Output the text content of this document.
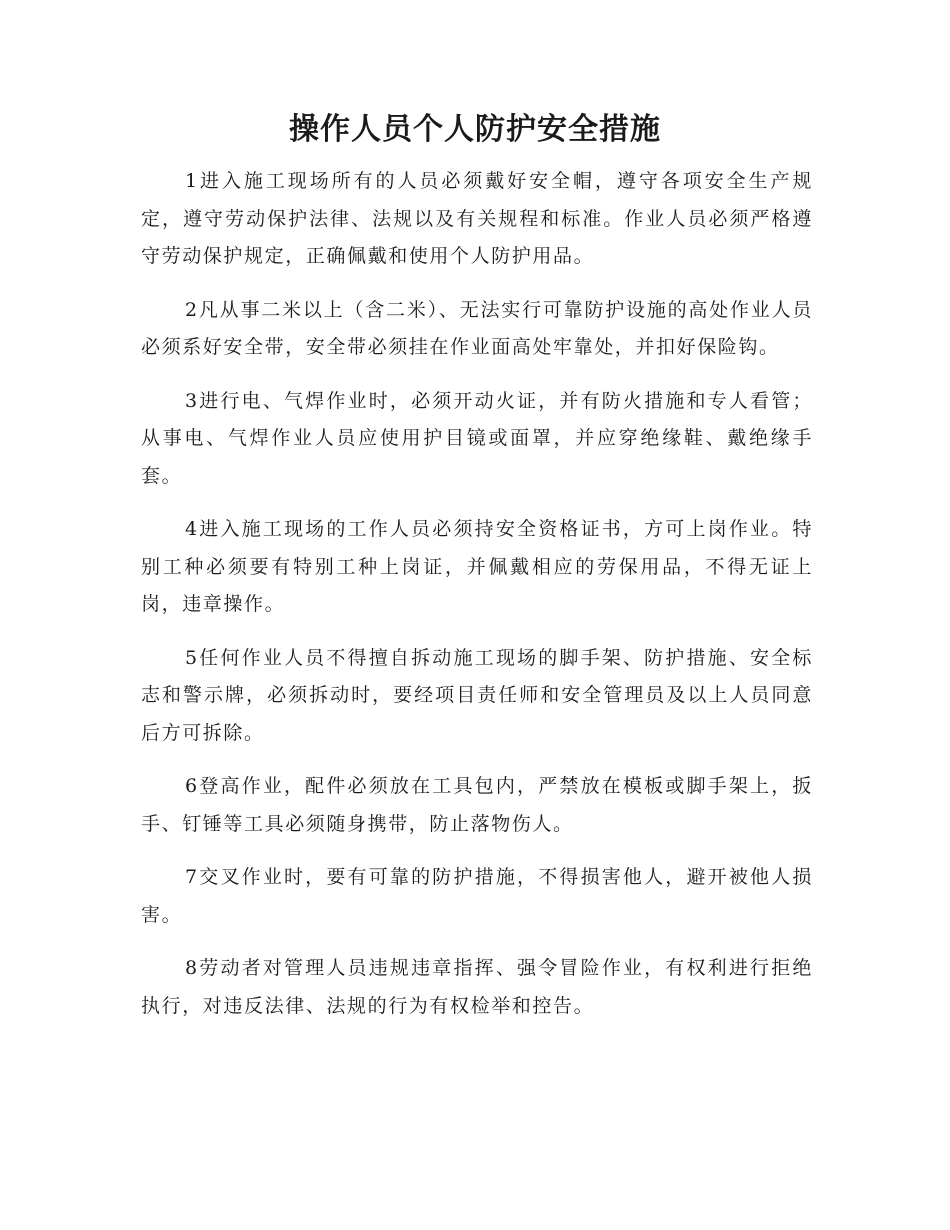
操作人员个人防护安全措施

1进入施工现场所有的人员必须戴好安全帽，遵守各项安全生产规定，遵守劳动保护法律、法规以及有关规程和标准。作业人员必须严格遵守劳动保护规定，正确佩戴和使用个人防护用品。

2凡从事二米以上（含二米）、无法实行可靠防护设施的高处作业人员必须系好安全带，安全带必须挂在作业面高处牢靠处，并扣好保险钩。

3进行电、气焊作业时，必须开动火证，并有防火措施和专人看管；从事电、气焊作业人员应使用护目镜或面罩，并应穿绝缘鞋、戴绝缘手套。

4进入施工现场的工作人员必须持安全资格证书，方可上岗作业。特别工种必须要有特别工种上岗证，并佩戴相应的劳保用品，不得无证上岗，违章操作。

5任何作业人员不得擅自拆动施工现场的脚手架、防护措施、安全标志和警示牌，必须拆动时，要经项目责任师和安全管理员及以上人员同意后方可拆除。

6登高作业，配件必须放在工具包内，严禁放在模板或脚手架上，扳手、钉锤等工具必须随身携带，防止落物伤人。

7交叉作业时，要有可靠的防护措施，不得损害他人，避开被他人损害。

8劳动者对管理人员违规违章指挥、强令冒险作业，有权利进行拒绝执行，对违反法律、法规的行为有权检举和控告。
